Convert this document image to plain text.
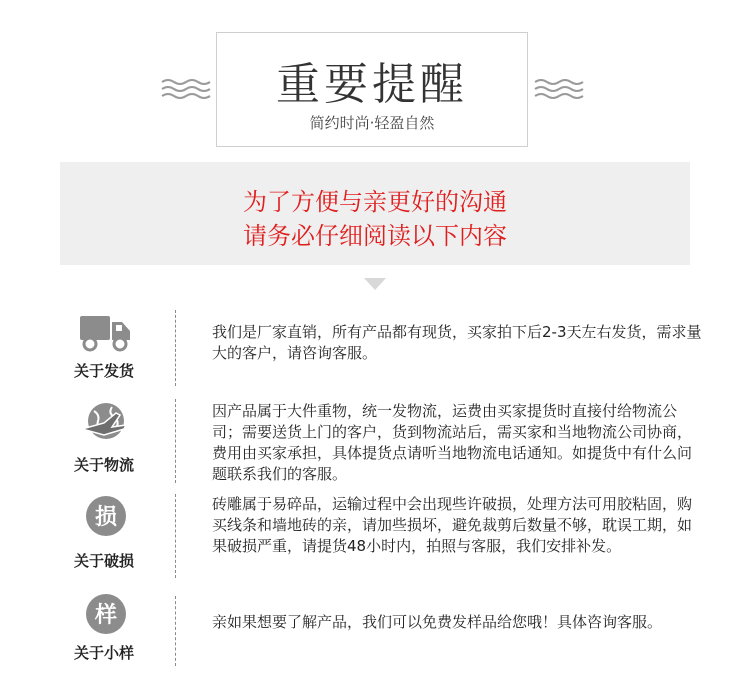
重要提醒
简约时尚·轻盈自然
为了方便与亲更好的沟通
请务必仔细阅读以下内容
关于发货
我们是厂家直销，所有产品都有现货，买家拍下后2-3天左右发货，需求量大的客户，请咨询客服。
关于物流
因产品属于大件重物，统一发物流，运费由买家提货时直接付给物流公司；需要送货上门的客户，货到物流站后，需买家和当地物流公司协商，费用由买家承担，具体提货点请听当地物流电话通知。如提货中有什么问题联系我们的客服。
损
关于破损
砖雕属于易碎品，运输过程中会出现些许破损，处理方法可用胶粘固，购买线条和墙地砖的亲，请加些损坏，避免裁剪后数量不够，耽误工期，如果破损严重，请提货48小时内，拍照与客服，我们安排补发。
样
关于小样
亲如果想要了解产品，我们可以免费发样品给您哦！具体咨询客服。
